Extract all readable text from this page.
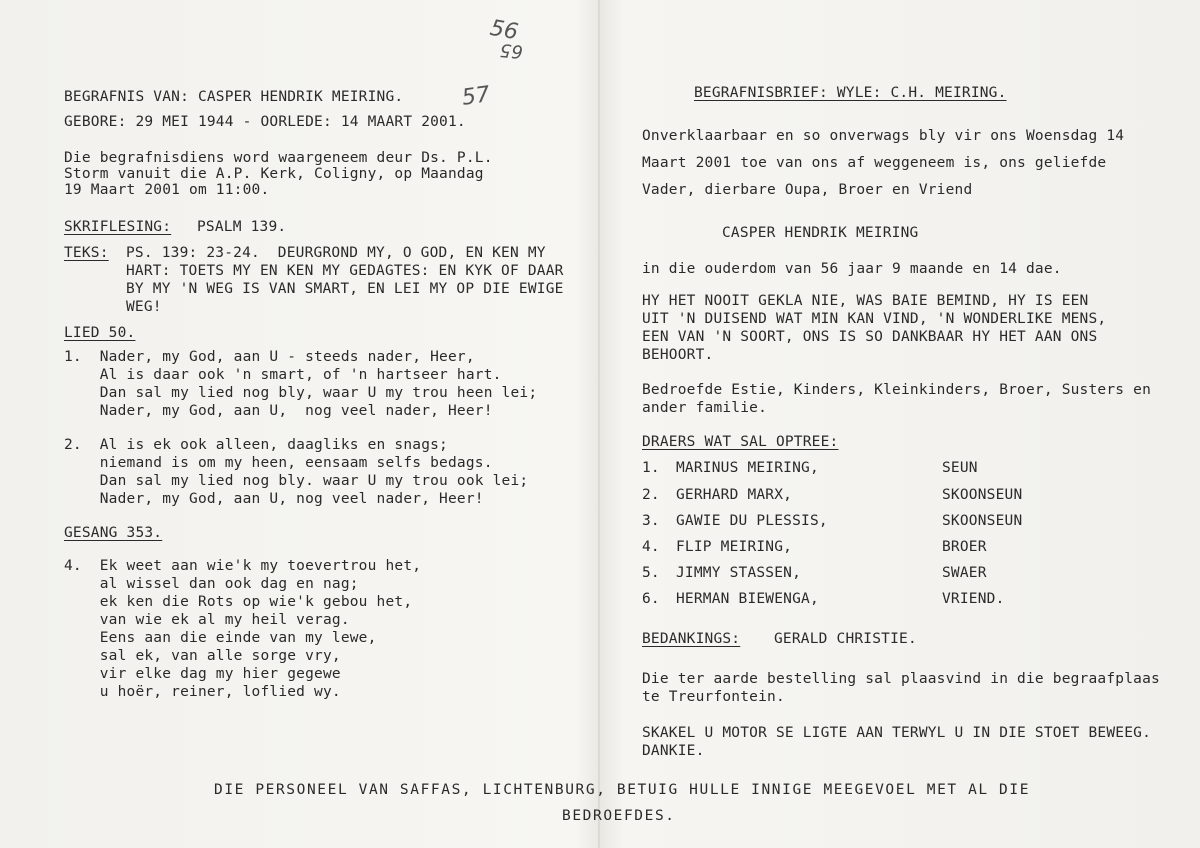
56
65
57
BEGRAFNIS VAN: CASPER HENDRIK MEIRING.
GEBORE: 29 MEI 1944 - OORLEDE: 14 MAART 2001.
Die begrafnisdiens word waargeneem deur Ds. P.L.
Storm vanuit die A.P. Kerk, Coligny, op Maandag
19 Maart 2001 om 11:00.
SKRIFLESING: PSALM 139.
TEKS: PS. 139: 23-24.  DEURGROND MY, O GOD, EN KEN MY
HART: TOETS MY EN KEN MY GEDAGTES: EN KYK OF DAAR
BY MY 'N WEG IS VAN SMART, EN LEI MY OP DIE EWIGE
WEG!
LIED 50.
1.  Nader, my God, aan U - steeds nader, Heer,
Al is daar ook 'n smart, of 'n hartseer hart.
Dan sal my lied nog bly, waar U my trou heen lei;
Nader, my God, aan U,  nog veel nader, Heer!
2.  Al is ek ook alleen, daagliks en snags;
niemand is om my heen, eensaam selfs bedags.
Dan sal my lied nog bly. waar U my trou ook lei;
Nader, my God, aan U, nog veel nader, Heer!
GESANG 353.
4.  Ek weet aan wie'k my toevertrou het,
al wissel dan ook dag en nag;
ek ken die Rots op wie'k gebou het,
van wie ek al my heil verag.
Eens aan die einde van my lewe,
sal ek, van alle sorge vry,
vir elke dag my hier gegewe
u hoër, reiner, loflied wy.
BEGRAFNISBRIEF: WYLE: C.H. MEIRING.
Onverklaarbaar en so onverwags bly vir ons Woensdag 14
Maart 2001 toe van ons af weggeneem is, ons geliefde
Vader, dierbare Oupa, Broer en Vriend
CASPER HENDRIK MEIRING
in die ouderdom van 56 jaar 9 maande en 14 dae.
HY HET NOOIT GEKLA NIE, WAS BAIE BEMIND, HY IS EEN
UIT 'N DUISEND WAT MIN KAN VIND, 'N WONDERLIKE MENS,
EEN VAN 'N SOORT, ONS IS SO DANKBAAR HY HET AAN ONS
BEHOORT.
Bedroefde Estie, Kinders, Kleinkinders, Broer, Susters en
ander familie.
DRAERS WAT SAL OPTREE:
1. MARINUS MEIRING,	SEUN
2. GERHARD MARX,	SKOONSEUN
3. GAWIE DU PLESSIS,	SKOONSEUN
4. FLIP MEIRING,	BROER
5. JIMMY STASSEN,	SWAER
6. HERMAN BIEWENGA,	VRIEND.
BEDANKINGS: GERALD CHRISTIE.
Die ter aarde bestelling sal plaasvind in die begraafplaas
te Treurfontein.
SKAKEL U MOTOR SE LIGTE AAN TERWYL U IN DIE STOET BEWEEG.
DANKIE.
DIE PERSONEEL VAN SAFFAS, LICHTENBURG, BETUIG HULLE INNIGE MEEGEVOEL MET AL DIE
BEDROEFDES.
